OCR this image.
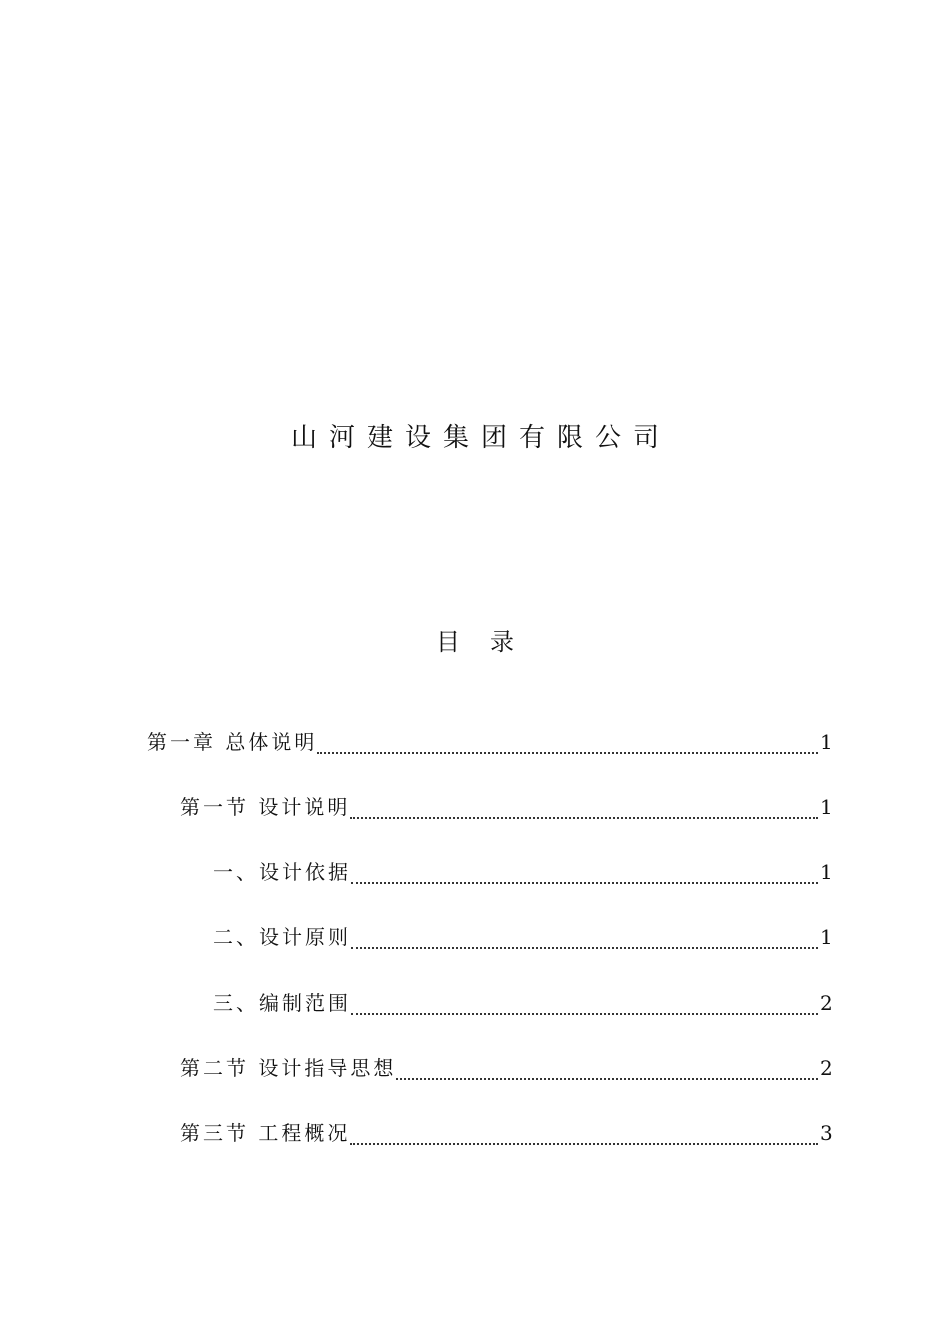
山河建设集团有限公司
目录
第一章 总体说明	1
第一节 设计说明	1
一、设计依据	1
二、设计原则	1
三、编制范围	2
第二节 设计指导思想	2
第三节 工程概况	3
